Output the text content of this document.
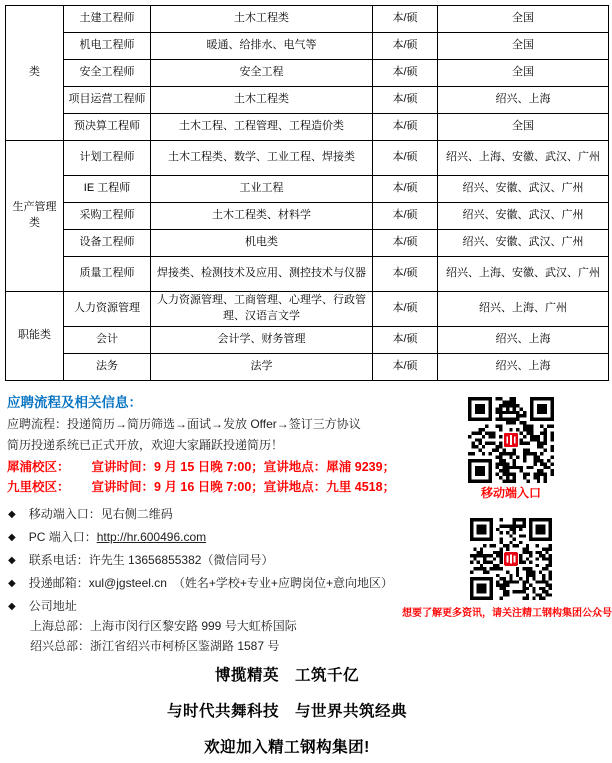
类	土建工程师	土木工程类	本/硕	全国
	机电工程师	暖通、给排水、电气等	本/硕	全国
	安全工程师	安全工程	本/硕	全国
	项目运营工程师	土木工程类	本/硕	绍兴、上海
	预决算工程师	土木工程、工程管理、工程造价类	本/硕	全国
生产管理类	计划工程师	土木工程类、数学、工业工程、焊接类	本/硕	绍兴、上海、安徽、武汉、广州
	IE 工程师	工业工程	本/硕	绍兴、安徽、武汉、广州
	采购工程师	土木工程类、材料学	本/硕	绍兴、安徽、武汉、广州
	设备工程师	机电类	本/硕	绍兴、安徽、武汉、广州
	质量工程师	焊接类、检测技术及应用、测控技术与仪器	本/硕	绍兴、上海、安徽、武汉、广州
职能类	人力资源管理	人力资源管理、工商管理、心理学、行政管理、汉语言文学	本/硕	绍兴、上海、广州
	会计	会计学、财务管理	本/硕	绍兴、上海
	法务	法学	本/硕	绍兴、上海
应聘流程及相关信息：
应聘流程：投递简历→简历筛选→面试→发放 Offer→签订三方协议
简历投递系统已正式开放，欢迎大家踊跃投递简历！
犀浦校区： 宣讲时间：9 月 15 日晚 7:00；宣讲地点：犀浦 9239；
九里校区： 宣讲时间：9 月 16 日晚 7:00；宣讲地点：九里 4518；
◆ 移动端入口：见右侧二维码
◆ PC 端入口：http://hr.600496.com
◆ 联系电话：许先生 13656855382（微信同号）
◆ 投递邮箱：xul@jgsteel.cn　（姓名+学校+专业+应聘岗位+意向地区）
◆ 公司地址
上海总部：上海市闵行区黎安路 999 号大虹桥国际
绍兴总部：浙江省绍兴市柯桥区鉴湖路 1587 号
移动端入口
想要了解更多资讯，请关注精工钢构集团公众号
博揽精英　工筑千亿
与时代共舞科技　与世界共筑经典
欢迎加入精工钢构集团!
